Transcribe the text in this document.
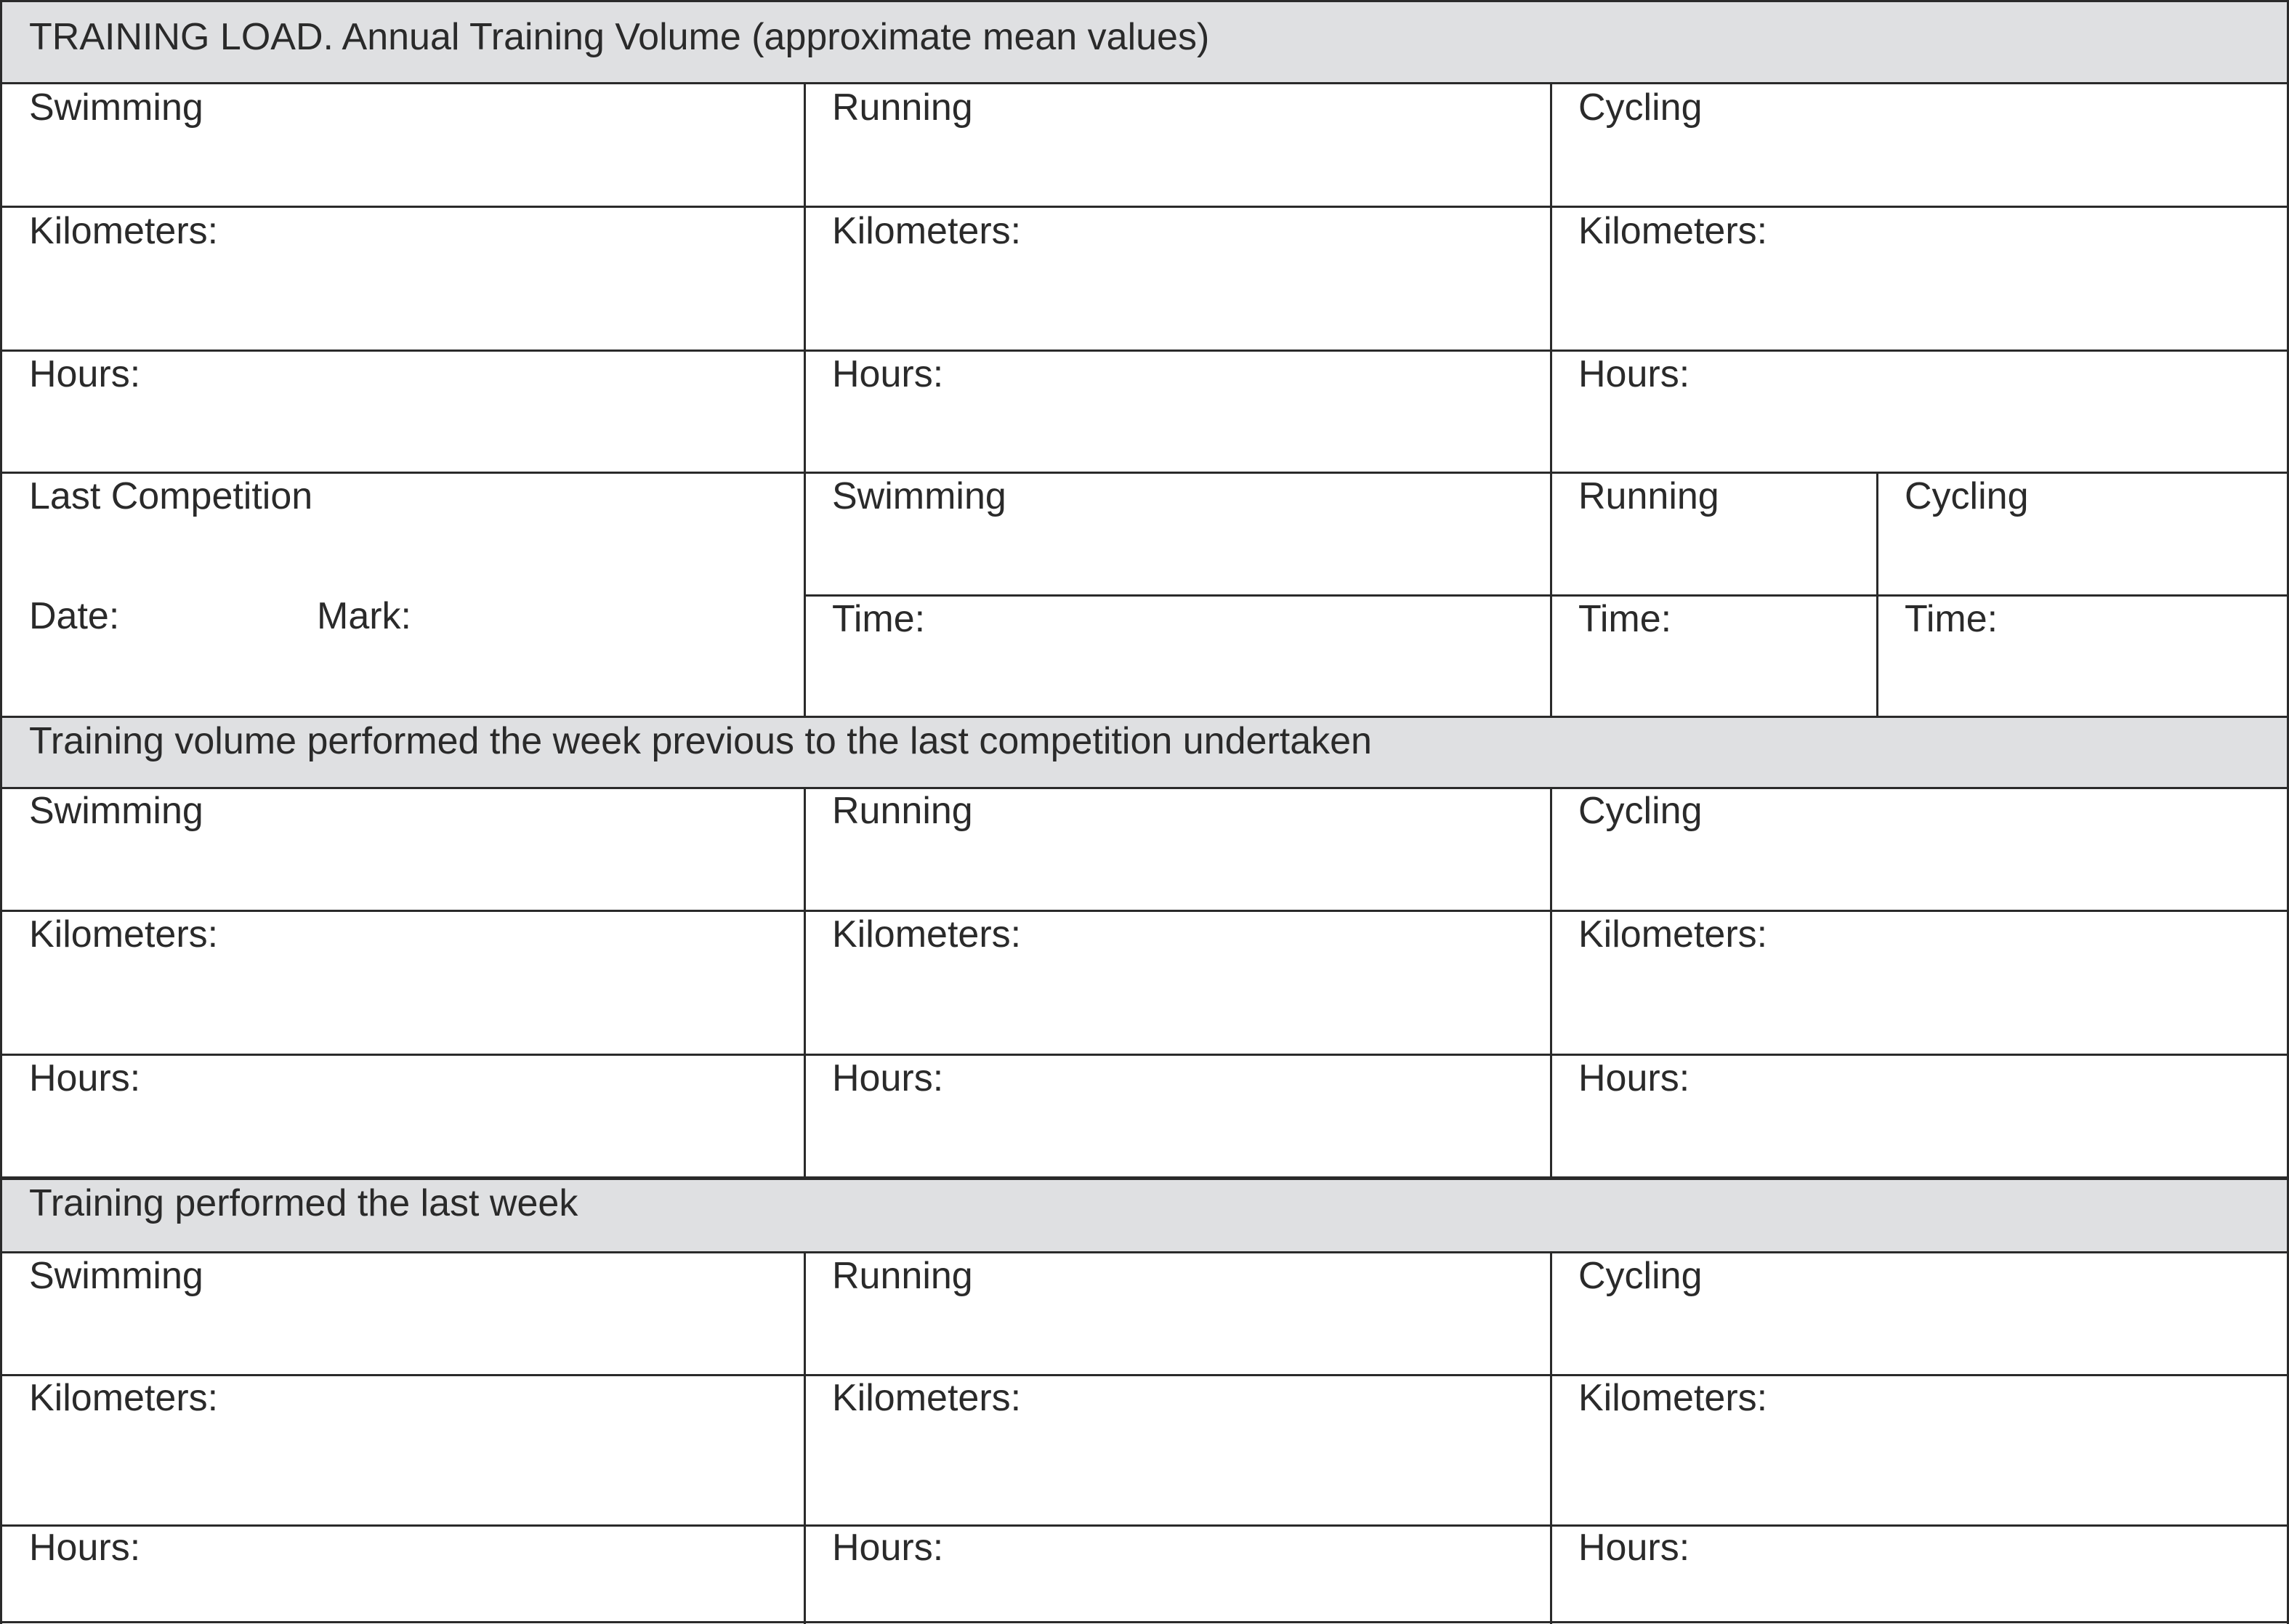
TRAINING LOAD. Annual Training Volume (approximate mean values)
Swimming	Running	Cycling
Kilometers:	Kilometers:	Kilometers:
Hours:	Hours:	Hours:
Last Competition
Date:	Mark:
Swimming	Running	Cycling
Time:	Time:	Time:
Training volume performed the week previous to the last competition undertaken
Swimming	Running	Cycling
Kilometers:	Kilometers:	Kilometers:
Hours:	Hours:	Hours:
Training performed the last week
Swimming	Running	Cycling
Kilometers:	Kilometers:	Kilometers:
Hours:	Hours:	Hours:
